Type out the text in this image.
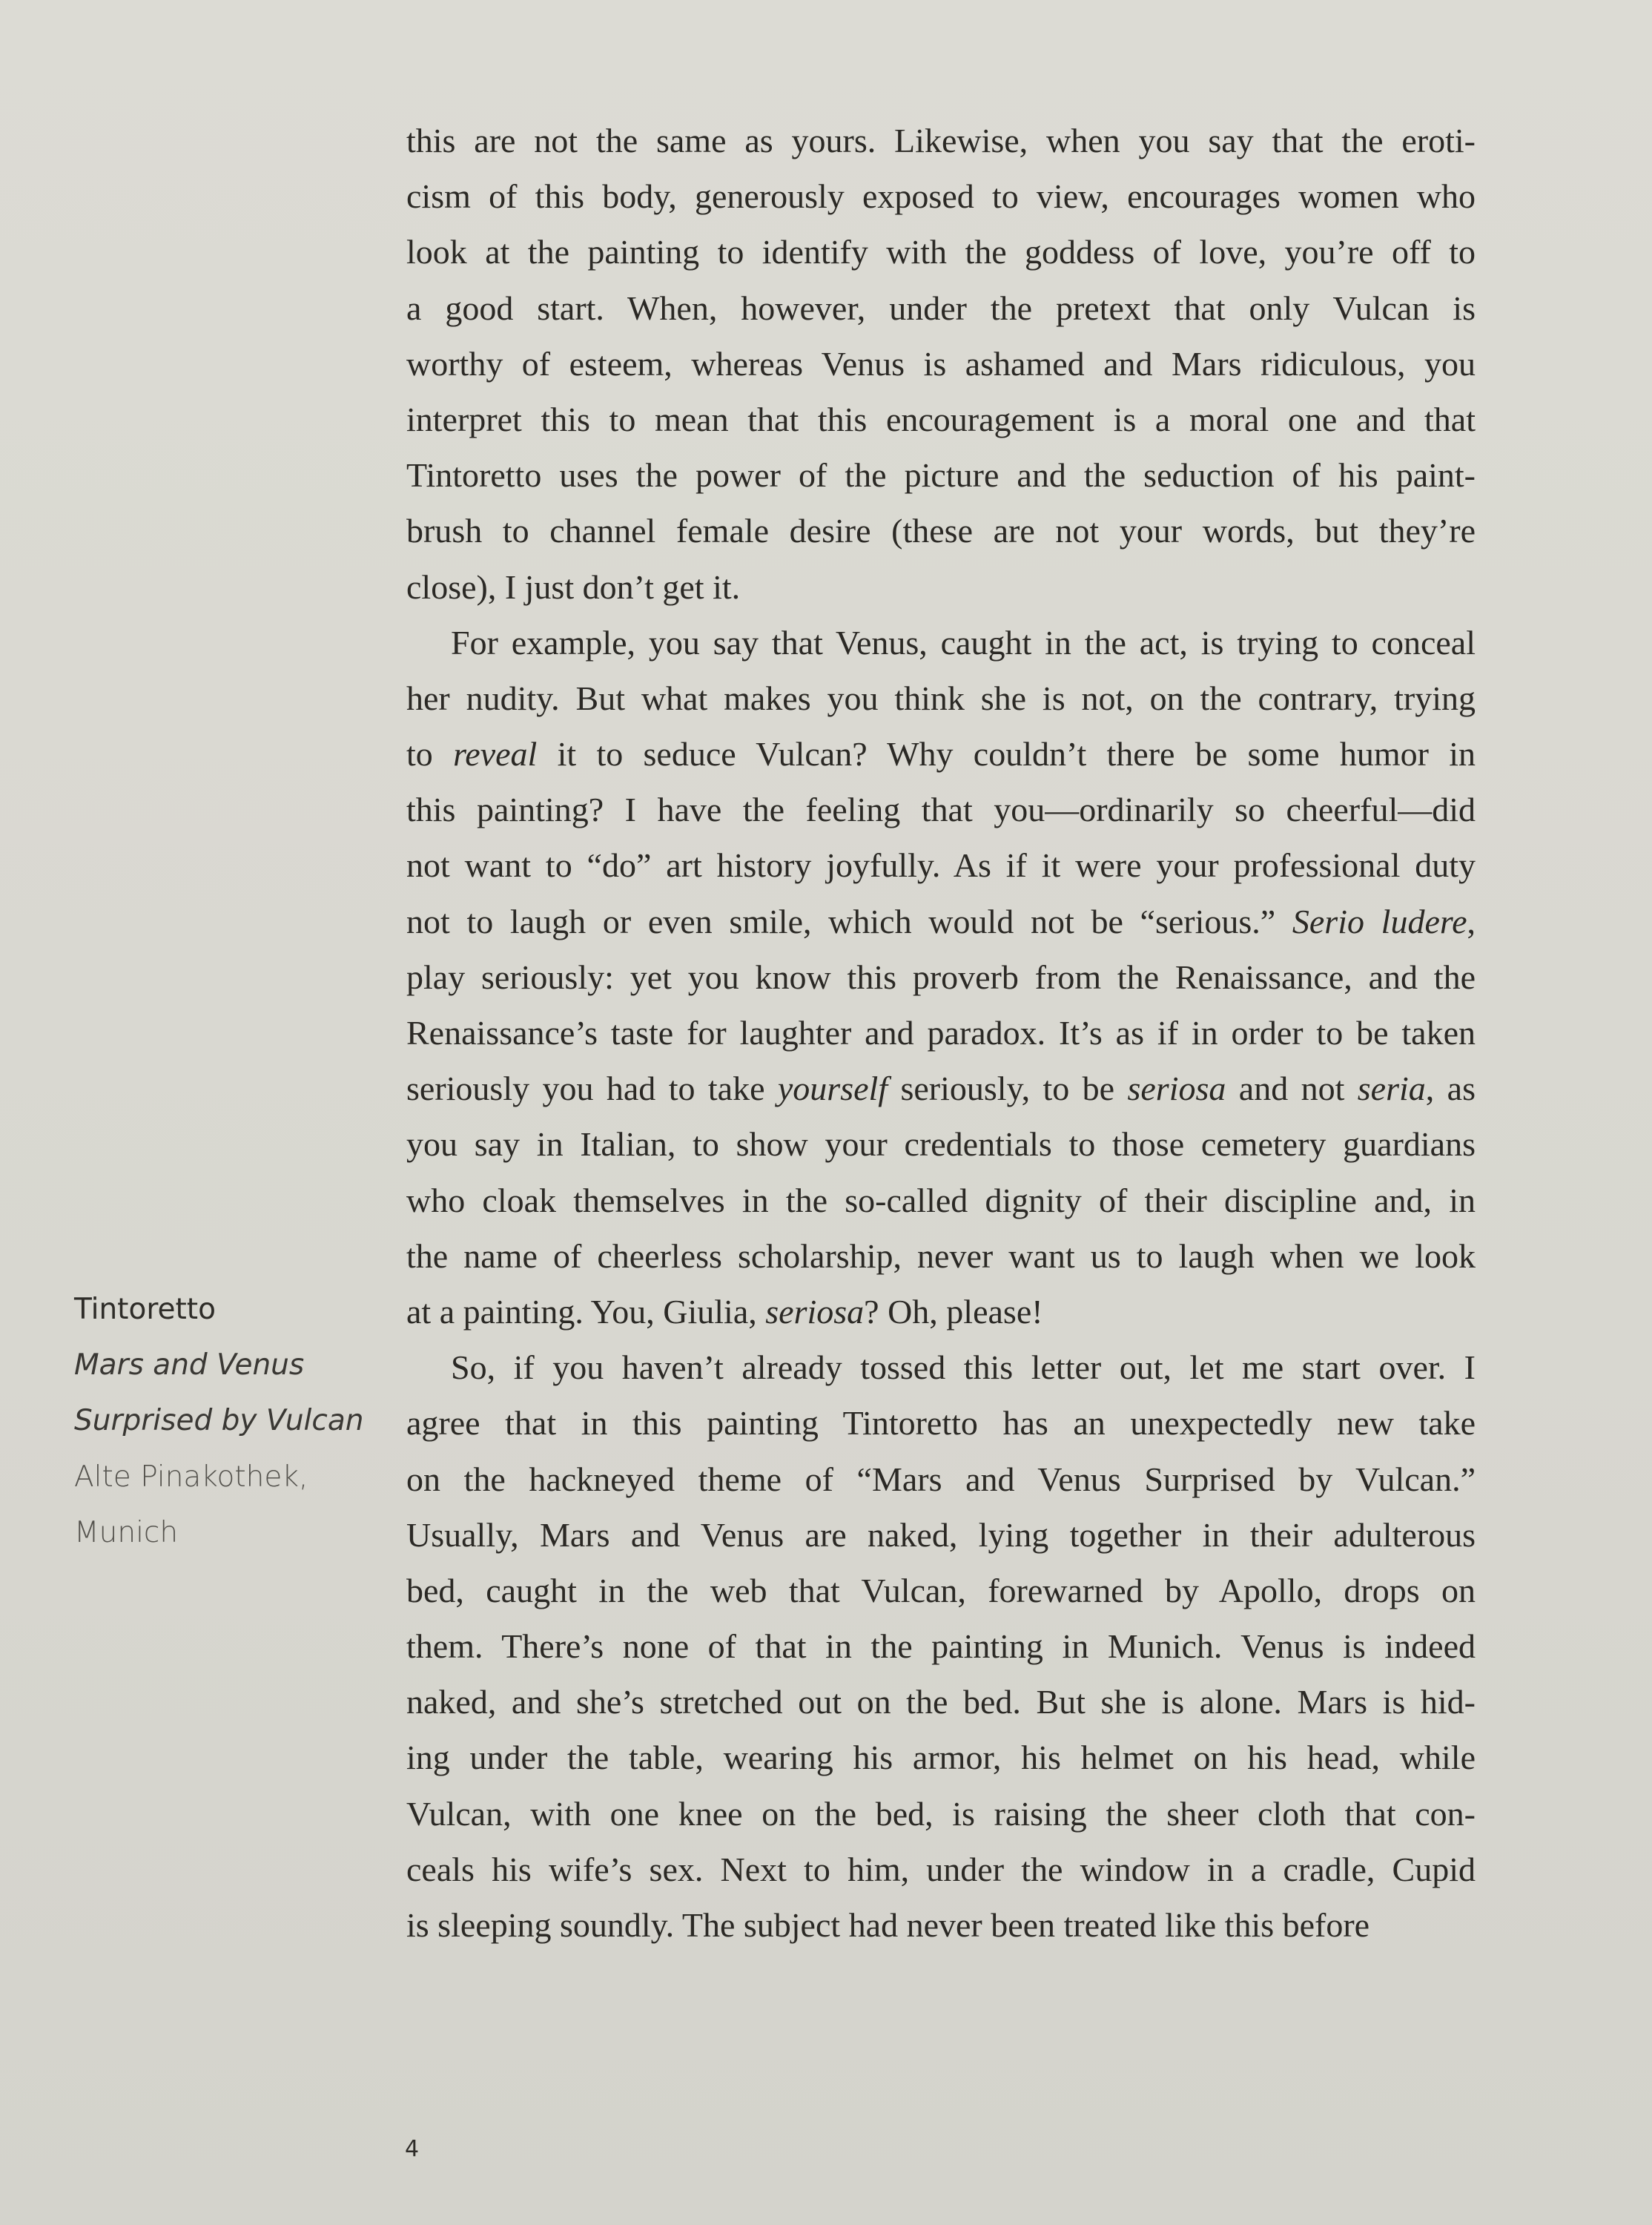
Tintoretto
Mars and Venus
Surprised by Vulcan
Alte Pinakothek,
Munich
this are not the same as yours. Likewise, when you say that the eroti-
cism of this body, generously exposed to view, encourages women who
look at the painting to identify with the goddess of love, you’re off to
a good start. When, however, under the pretext that only Vulcan is
worthy of esteem, whereas Venus is ashamed and Mars ridiculous, you
interpret this to mean that this encouragement is a moral one and that
Tintoretto uses the power of the picture and the seduction of his paint-
brush to channel female desire (these are not your words, but they’re
close), I just don’t get it.
For example, you say that Venus, caught in the act, is trying to conceal
her nudity. But what makes you think she is not, on the contrary, trying
to reveal it to seduce Vulcan? Why couldn’t there be some humor in
this painting? I have the feeling that you—ordinarily so cheerful—did
not want to “do” art history joyfully. As if it were your professional duty
not to laugh or even smile, which would not be “serious.” Serio ludere,
play seriously: yet you know this proverb from the Renaissance, and the
Renaissance’s taste for laughter and paradox. It’s as if in order to be taken
seriously you had to take yourself seriously, to be seriosa and not seria, as
you say in Italian, to show your credentials to those cemetery guardians
who cloak themselves in the so-called dignity of their discipline and, in
the name of cheerless scholarship, never want us to laugh when we look
at a painting. You, Giulia, seriosa? Oh, please!
So, if you haven’t already tossed this letter out, let me start over. I
agree that in this painting Tintoretto has an unexpectedly new take
on the hackneyed theme of “Mars and Venus Surprised by Vulcan.”
Usually, Mars and Venus are naked, lying together in their adulterous
bed, caught in the web that Vulcan, forewarned by Apollo, drops on
them. There’s none of that in the painting in Munich. Venus is indeed
naked, and she’s stretched out on the bed. But she is alone. Mars is hid-
ing under the table, wearing his armor, his helmet on his head, while
Vulcan, with one knee on the bed, is raising the sheer cloth that con-
ceals his wife’s sex. Next to him, under the window in a cradle, Cupid
is sleeping soundly. The subject had never been treated like this before
4
